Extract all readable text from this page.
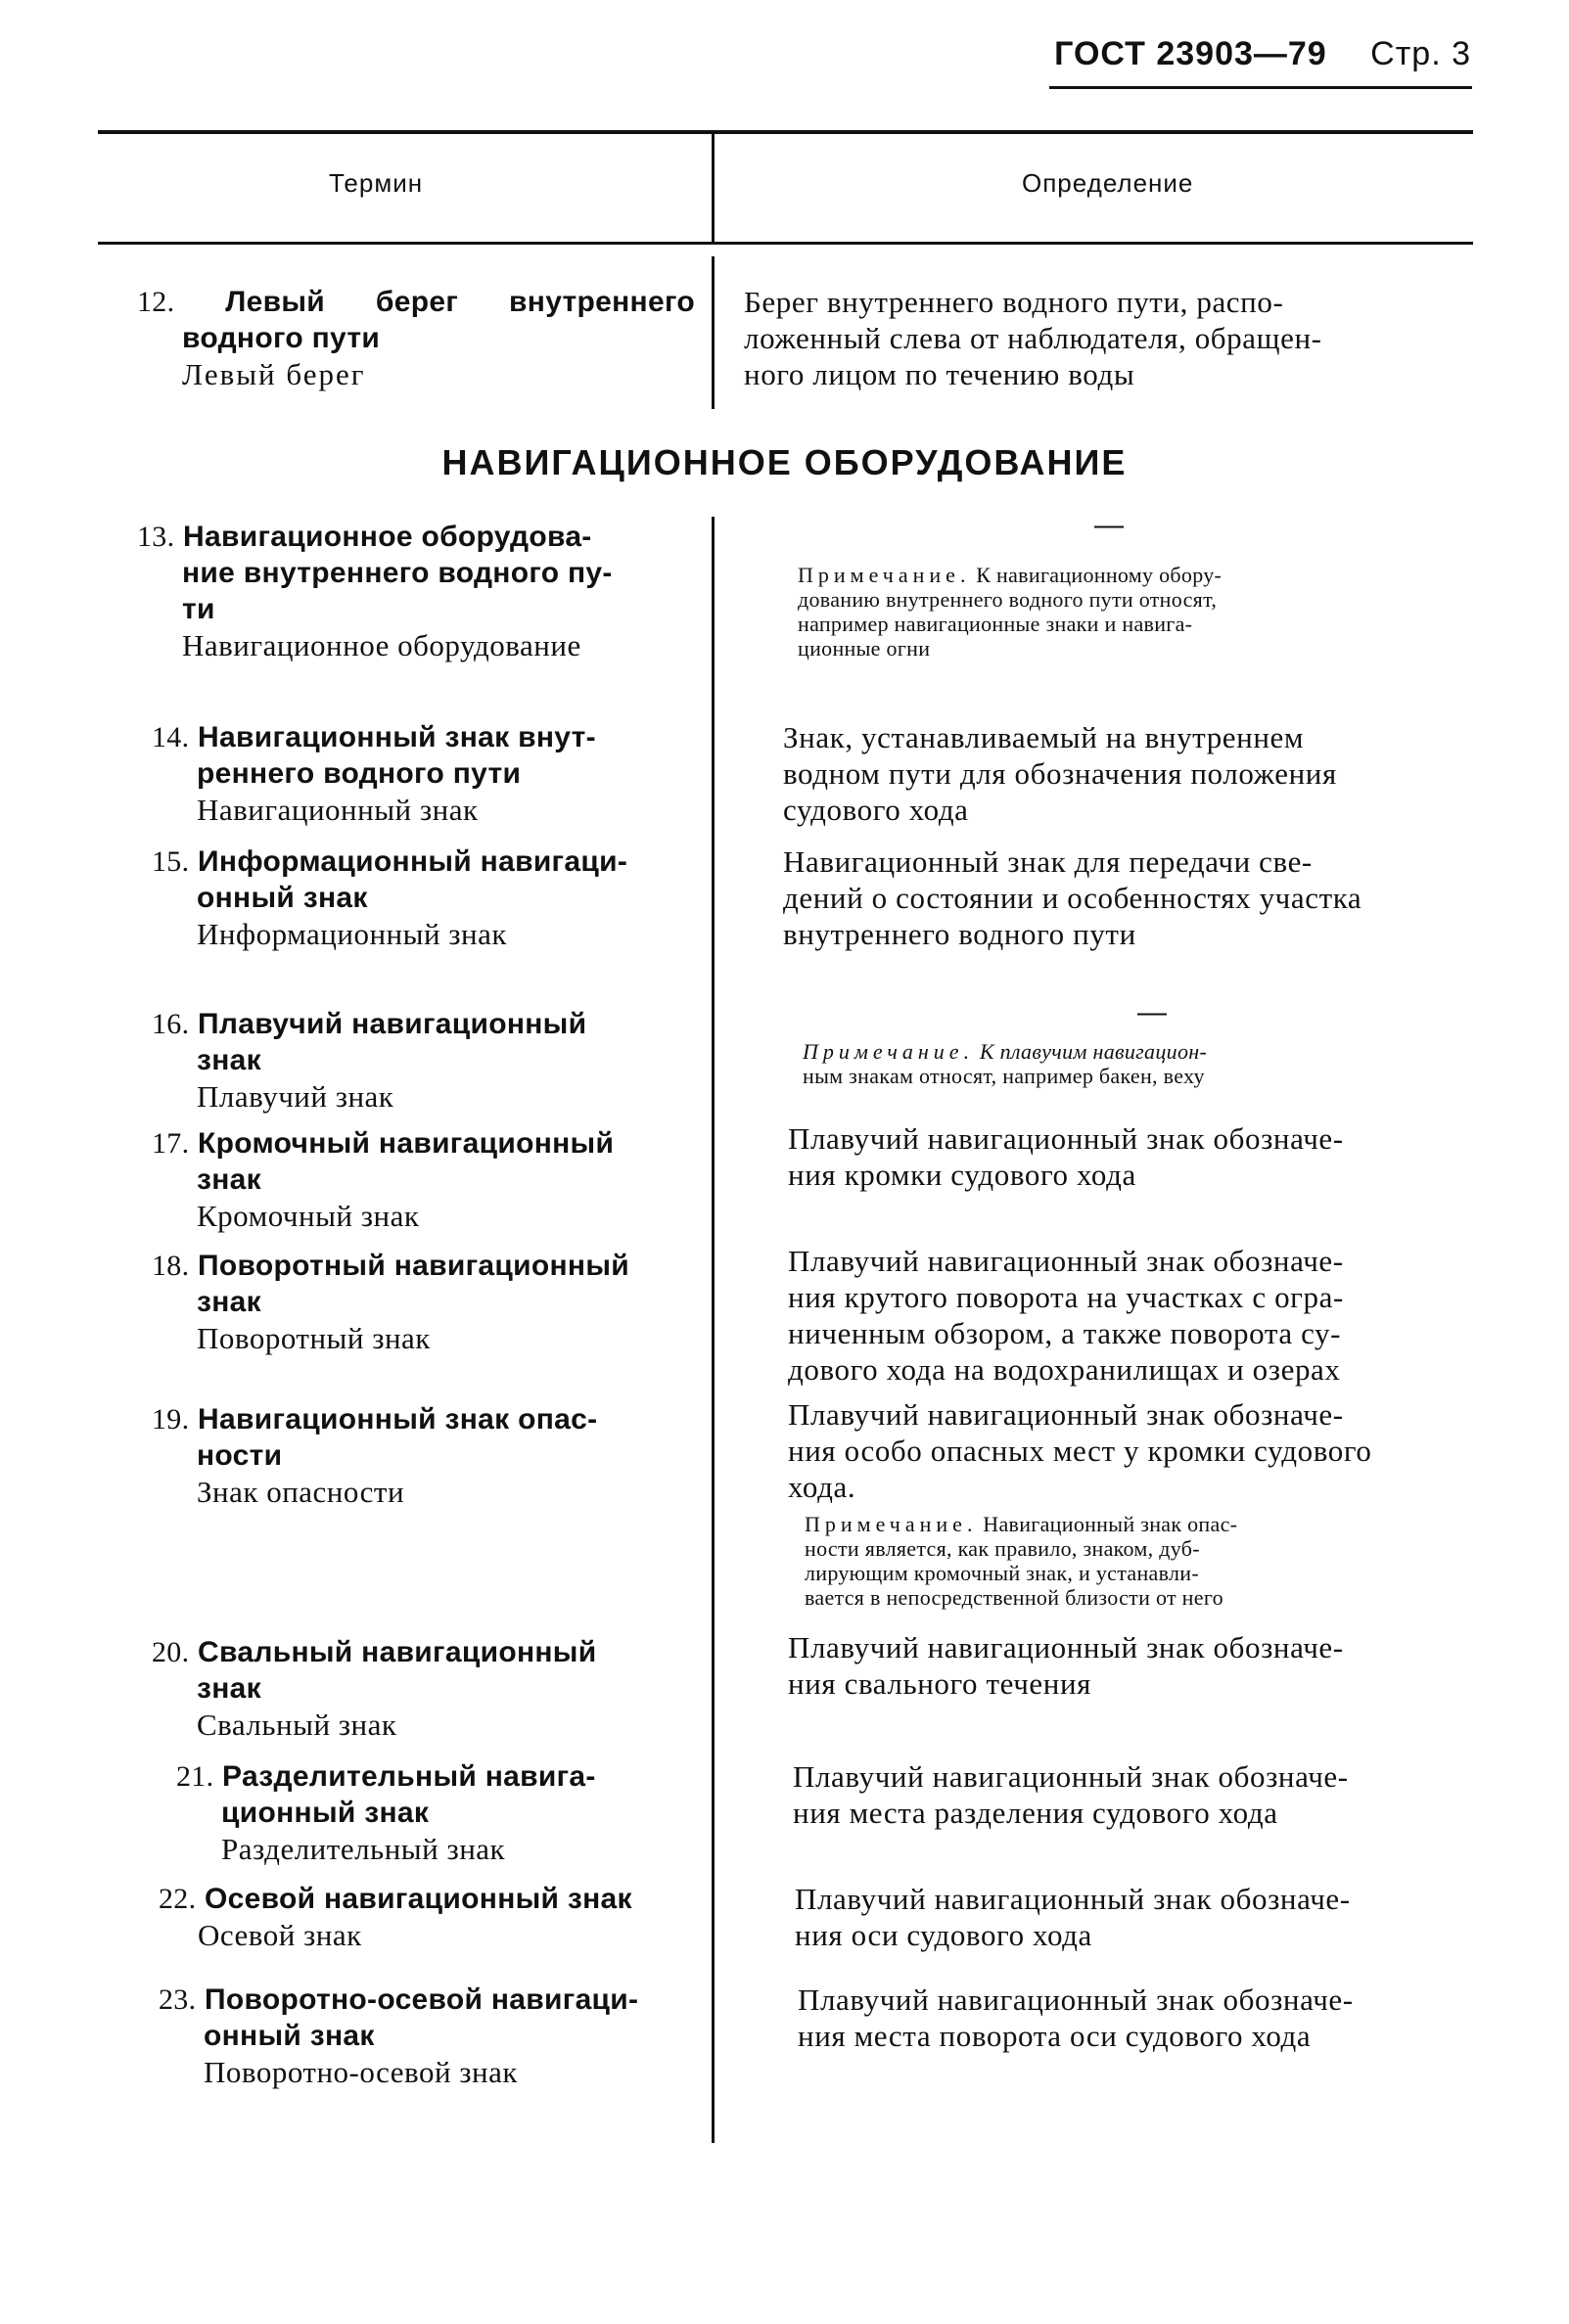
ГОСТ 23903—79 Стр. 3
Термин	Определение
12. Левый берег внутреннего
водного пути
Левый берег
Берег внутреннего водного пути, распо-
ложенный слева от наблюдателя, обращен-
ного лицом по течению воды
НАВИГАЦИОННОЕ ОБОРУДОВАНИЕ
13. Навигационное оборудова-
ние внутреннего водного пу-
ти
Навигационное оборудование
—
Примечание. К навигационному обору-
дованию внутреннего водного пути относят,
например навигационные знаки и навига-
ционные огни
14. Навигационный знак внут-
реннего водного пути
Навигационный знак
Знак, устанавливаемый на внутреннем
водном пути для обозначения положения
судового хода
15. Информационный навигаци-
онный знак
Информационный знак
Навигационный знак для передачи све-
дений о состоянии и особенностях участка
внутреннего водного пути
16. Плавучий навигационный
знак
Плавучий знак
—
Примечание. К плавучим навигацион-
ным знакам относят, например бакен, веху
17. Кромочный навигационный
знак
Кромочный знак
Плавучий навигационный знак обозначе-
ния кромки судового хода
18. Поворотный навигационный
знак
Поворотный знак
Плавучий навигационный знак обозначе-
ния крутого поворота на участках с огра-
ниченным обзором, а также поворота су-
дового хода на водохранилищах и озерах
19. Навигационный знак опас-
ности
Знак опасности
Плавучий навигационный знак обозначе-
ния особо опасных мест у кромки судового
хода.
Примечание. Навигационный знак опас-
ности является, как правило, знаком, дуб-
лирующим кромочный знак, и устанавли-
вается в непосредственной близости от него
20. Свальный навигационный
знак
Свальный знак
Плавучий навигационный знак обозначе-
ния свального течения
21. Разделительный навига-
ционный знак
Разделительный знак
Плавучий навигационный знак обозначе-
ния места разделения судового хода
22. Осевой навигационный знак
Осевой знак
Плавучий навигационный знак обозначе-
ния оси судового хода
23. Поворотно-осевой навигаци-
онный знак
Поворотно-осевой знак
Плавучий навигационный знак обозначе-
ния места поворота оси судового хода
